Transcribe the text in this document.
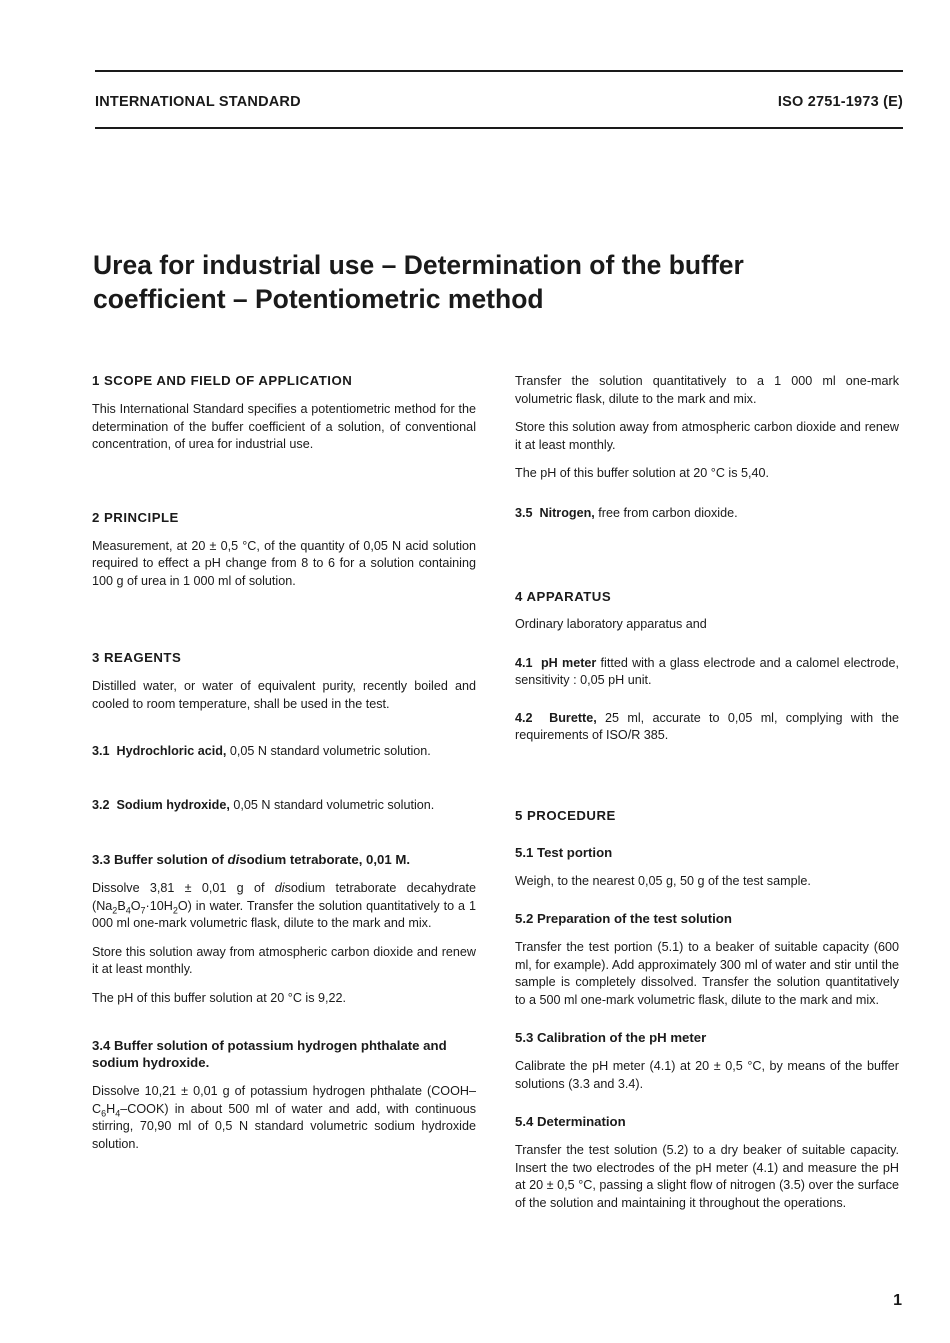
INTERNATIONAL STANDARD	ISO 2751-1973 (E)
Urea for industrial use – Determination of the buffer
coefficient – Potentiometric method
1 SCOPE AND FIELD OF APPLICATION

This International Standard specifies a potentiometric method for the determination of the buffer coefficient of a solution, of conventional concentration, of urea for industrial use.

2 PRINCIPLE

Measurement, at 20 ± 0,5 °C, of the quantity of 0,05 N acid solution required to effect a pH change from 8 to 6 for a solution containing 100 g of urea in 1 000 ml of solution.

3 REAGENTS

Distilled water, or water of equivalent purity, recently boiled and cooled to room temperature, shall be used in the test.

3.1 Hydrochloric acid, 0,05 N standard volumetric solution.

3.2 Sodium hydroxide, 0,05 N standard volumetric solution.

3.3 Buffer solution of disodium tetraborate, 0,01 M.

Dissolve 3,81 ± 0,01 g of disodium tetraborate decahydrate $(Na_2B_4O_7\cdot 10H_2O)$ in water. Transfer the solution quantitatively to a 1 000 ml one-mark volumetric flask, dilute to the mark and mix.

Store this solution away from atmospheric carbon dioxide and renew it at least monthly.

The pH of this buffer solution at 20 °C is 9,22.

3.4 Buffer solution of potassium hydrogen phthalate and sodium hydroxide.

Dissolve 10,21 ± 0,01 g of potassium hydrogen phthalate $(COOH-C_6H_4-COOK)$ in about 500 ml of water and add, with continuous stirring, 70,90 ml of 0,5 N standard volumetric sodium hydroxide solution.

Transfer the solution quantitatively to a 1 000 ml one-mark volumetric flask, dilute to the mark and mix.

Store this solution away from atmospheric carbon dioxide and renew it at least monthly.

The pH of this buffer solution at 20 °C is 5,40.

3.5 Nitrogen, free from carbon dioxide.

4 APPARATUS

Ordinary laboratory apparatus and

4.1 pH meter fitted with a glass electrode and a calomel electrode, sensitivity : 0,05 pH unit.

4.2 Burette, 25 ml, accurate to 0,05 ml, complying with the requirements of ISO/R 385.

5 PROCEDURE
5.1 Test portion

Weigh, to the nearest 0,05 g, 50 g of the test sample.

5.2 Preparation of the test solution

Transfer the test portion (5.1) to a beaker of suitable capacity (600 ml, for example). Add approximately 300 ml of water and stir until the sample is completely dissolved. Transfer the solution quantitatively to a 500 ml one-mark volumetric flask, dilute to the mark and mix.

5.3 Calibration of the pH meter

Calibrate the pH meter (4.1) at 20 ± 0,5 °C, by means of the buffer solutions (3.3 and 3.4).

5.4 Determination

Transfer the test solution (5.2) to a dry beaker of suitable capacity. Insert the two electrodes of the pH meter (4.1) and measure the pH at 20 ± 0,5 °C, passing a slight flow of nitrogen (3.5) over the surface of the solution and maintaining it throughout the operations.

1
